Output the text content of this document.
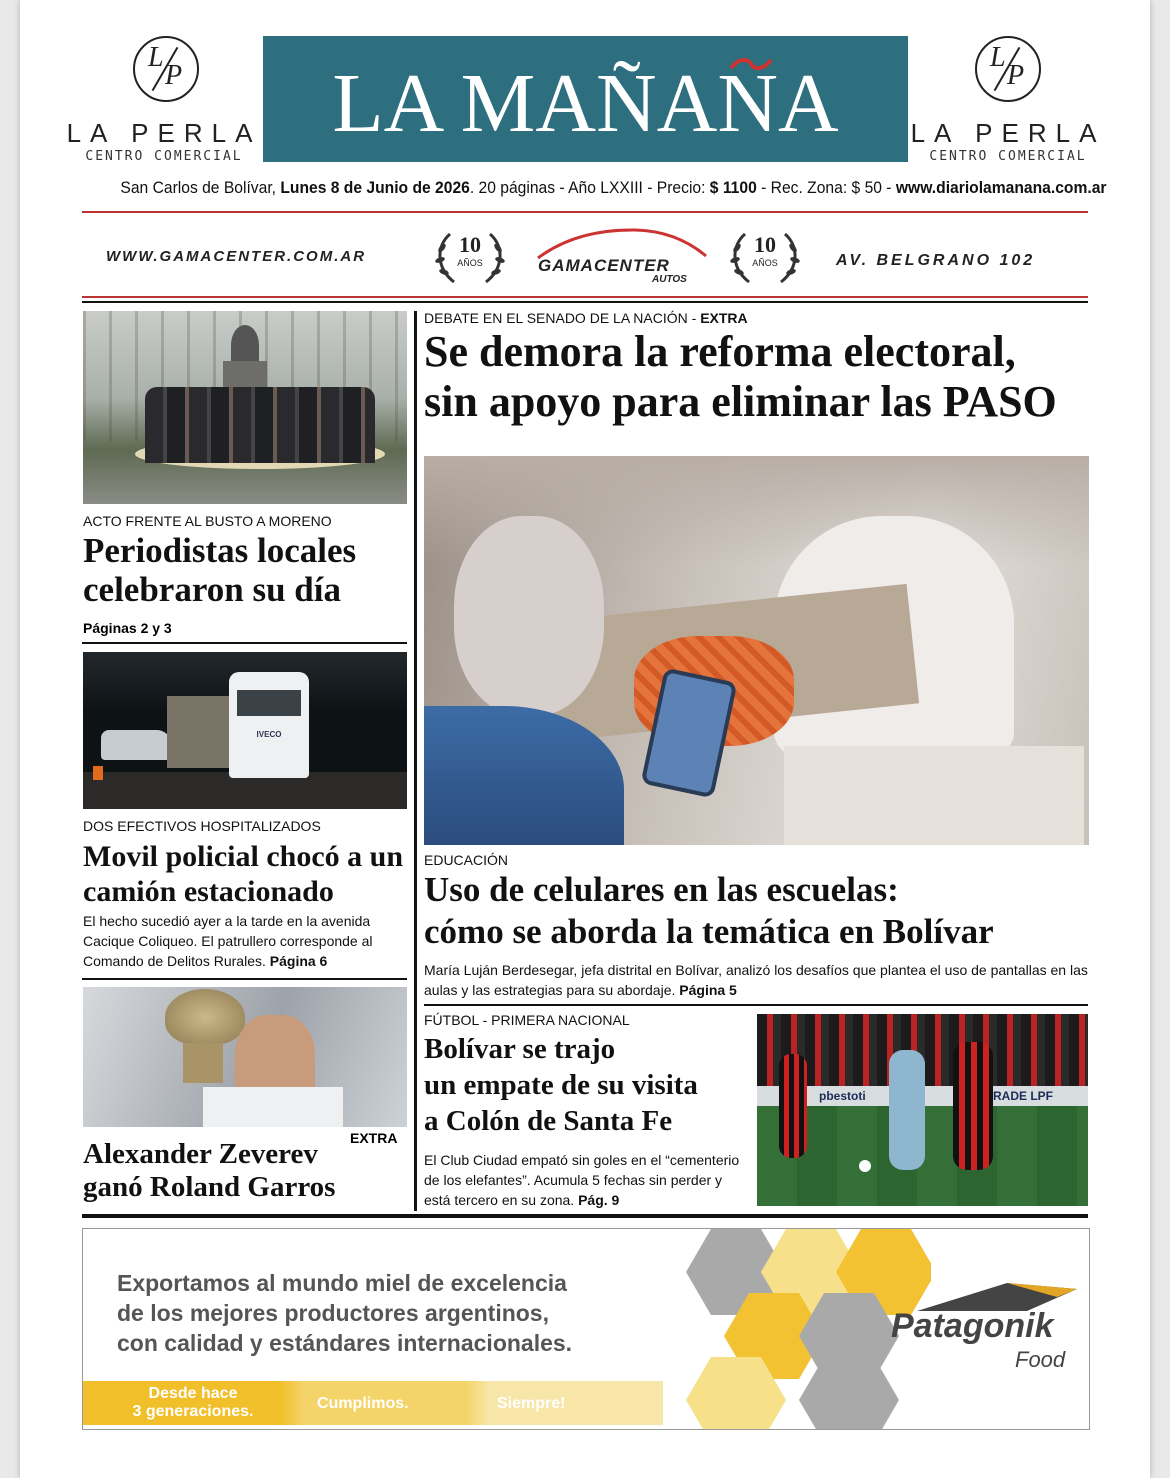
L
P
LA PERLA
CENTRO COMERCIAL
LA MAÑANA	L
P
LA PERLA
CENTRO COMERCIAL
San Carlos de Bolívar, Lunes 8 de Junio de 2026. 20 páginas - Año LXXIII - Precio: $ 1100 - Rec. Zona: $ 50 - www.diariolamanana.com.ar
WWW.GAMACENTER.COM.AR	10
AÑOS	GAMACENTER
AUTOS
10
AÑOS	AV. BELGRANO 102
ACTO FRENTE AL BUSTO A MORENO
Periodistas locales celebraron su día
Páginas 2 y 3
IVECO
DOS EFECTIVOS HOSPITALIZADOS
Movil policial chocó a un camión estacionado
El hecho sucedió ayer a la tarde en la avenida Cacique Coliqueo. El patrullero corresponde al Comando de Delitos Rurales. Página 6
EXTRA
Alexander Zeverev ganó Roland Garros
DEBATE EN EL SENADO DE LA NACIÓN - EXTRA
Se demora la reforma electoral,
sin apoyo para eliminar las PASO
EDUCACIÓN
Uso de celulares en las escuelas:
cómo se aborda la temática en Bolívar
María Luján Berdesegar, jefa distrital en Bolívar, analizó los desafíos que plantea el uso de pantallas en las aulas y las estrategias para su abordaje. Página 5
FÚTBOL - PRIMERA NACIONAL
Bolívar se trajo
un empate de su visita
a Colón de Santa Fe
El Club Ciudad empató sin goles en el “cementerio de los elefantes”. Acumula 5 fechas sin perder y está tercero en su zona. Pág. 9
pbestoti	RADE LPF
Exportamos al mundo miel de excelencia
de los mejores productores argentinos,
con calidad y estándares internacionales.
Desde hace
3 generaciones.	Cumplimos.	Siempre!
Patagonik
Food
